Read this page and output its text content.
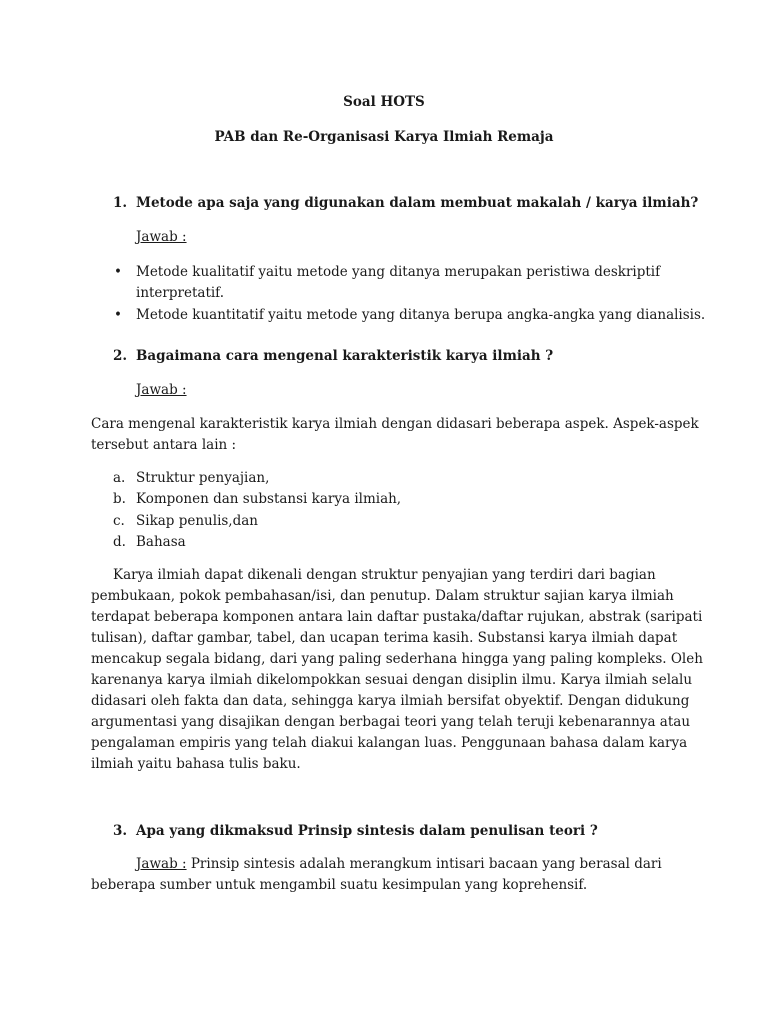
Soal HOTS
PAB dan Re-Organisasi Karya Ilmiah Remaja
1. Metode apa saja yang digunakan dalam membuat makalah / karya ilmiah?
Jawab :
• Metode kualitatif yaitu metode yang ditanya merupakan peristiwa deskriptif
interpretatif.
• Metode kuantitatif yaitu metode yang ditanya berupa angka-angka yang dianalisis.
2. Bagaimana cara mengenal karakteristik karya ilmiah ?
Jawab :
Cara mengenal karakteristik karya ilmiah dengan didasari beberapa aspek. Aspek-aspek
tersebut antara lain :
a. Struktur penyajian,
b. Komponen dan substansi karya ilmiah,
c. Sikap penulis,dan
d. Bahasa
Karya ilmiah dapat dikenali dengan struktur penyajian yang terdiri dari bagian
pembukaan, pokok pembahasan/isi, dan penutup. Dalam struktur sajian karya ilmiah
terdapat beberapa komponen antara lain daftar pustaka/daftar rujukan, abstrak (saripati
tulisan), daftar gambar, tabel, dan ucapan terima kasih. Substansi karya ilmiah dapat
mencakup segala bidang, dari yang paling sederhana hingga yang paling kompleks. Oleh
karenanya karya ilmiah dikelompokkan sesuai dengan disiplin ilmu. Karya ilmiah selalu
didasari oleh fakta dan data, sehingga karya ilmiah bersifat obyektif. Dengan didukung
argumentasi yang disajikan dengan berbagai teori yang telah teruji kebenarannya atau
pengalaman empiris yang telah diakui kalangan luas. Penggunaan bahasa dalam karya
ilmiah yaitu bahasa tulis baku.
3. Apa yang dikmaksud Prinsip sintesis dalam penulisan teori ?
Jawab : Prinsip sintesis adalah merangkum intisari bacaan yang berasal dari
beberapa sumber untuk mengambil suatu kesimpulan yang koprehensif.
